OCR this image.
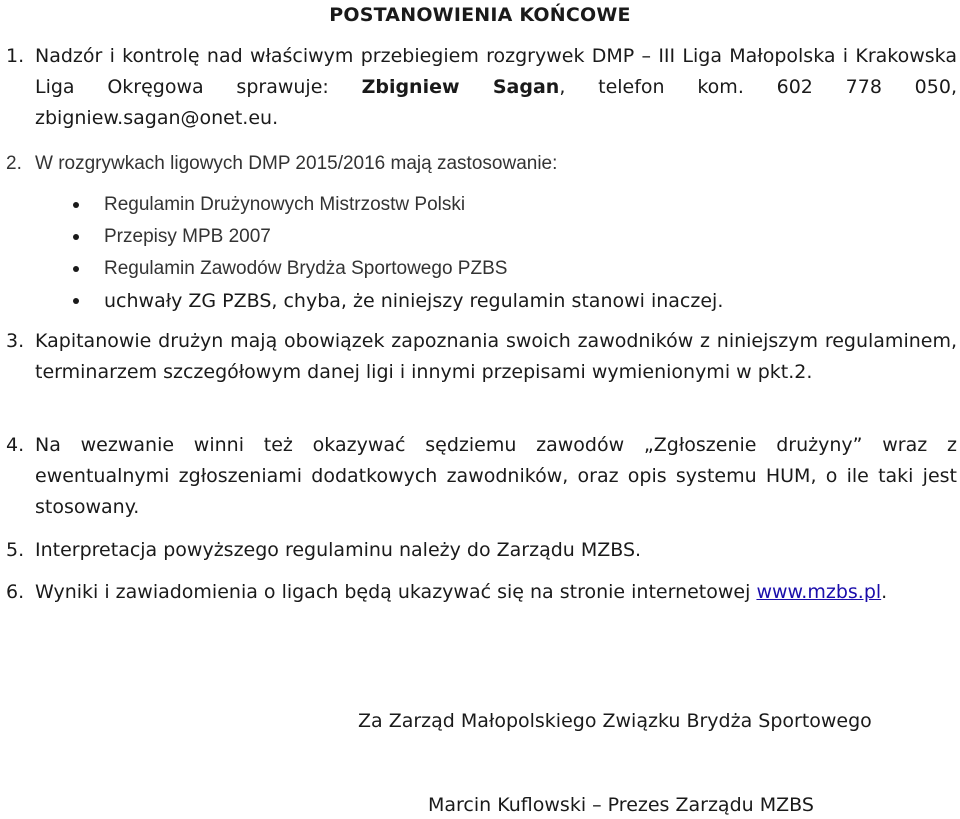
POSTANOWIENIA KOŃCOWE
1. Nadzór i kontrolę nad właściwym przebiegiem rozgrywek DMP – III Liga Małopolska i Krakowska Liga Okręgowa sprawuje: Zbigniew Sagan, telefon kom. 602 778 050, zbigniew.sagan@onet.eu.
2. W rozgrywkach ligowych DMP 2015/2016 mają zastosowanie:
Regulamin Drużynowych Mistrzostw Polski
Przepisy MPB 2007
Regulamin Zawodów Brydża Sportowego PZBS
uchwały ZG PZBS, chyba, że niniejszy regulamin stanowi inaczej.
3. Kapitanowie drużyn mają obowiązek zapoznania swoich zawodników z niniejszym regulaminem, terminarzem szczegółowym danej ligi i innymi przepisami wymienionymi w pkt.2.
4. Na wezwanie winni też okazywać sędziemu zawodów „Zgłoszenie drużyny” wraz z ewentualnymi zgłoszeniami dodatkowych zawodników, oraz opis systemu HUM, o ile taki jest stosowany.
5. Interpretacja powyższego regulaminu należy do Zarządu MZBS.
6. Wyniki i zawiadomienia o ligach będą ukazywać się na stronie internetowej www.mzbs.pl.
Za Zarząd Małopolskiego Związku Brydża Sportowego
Marcin Kuflowski – Prezes Zarządu MZBS
